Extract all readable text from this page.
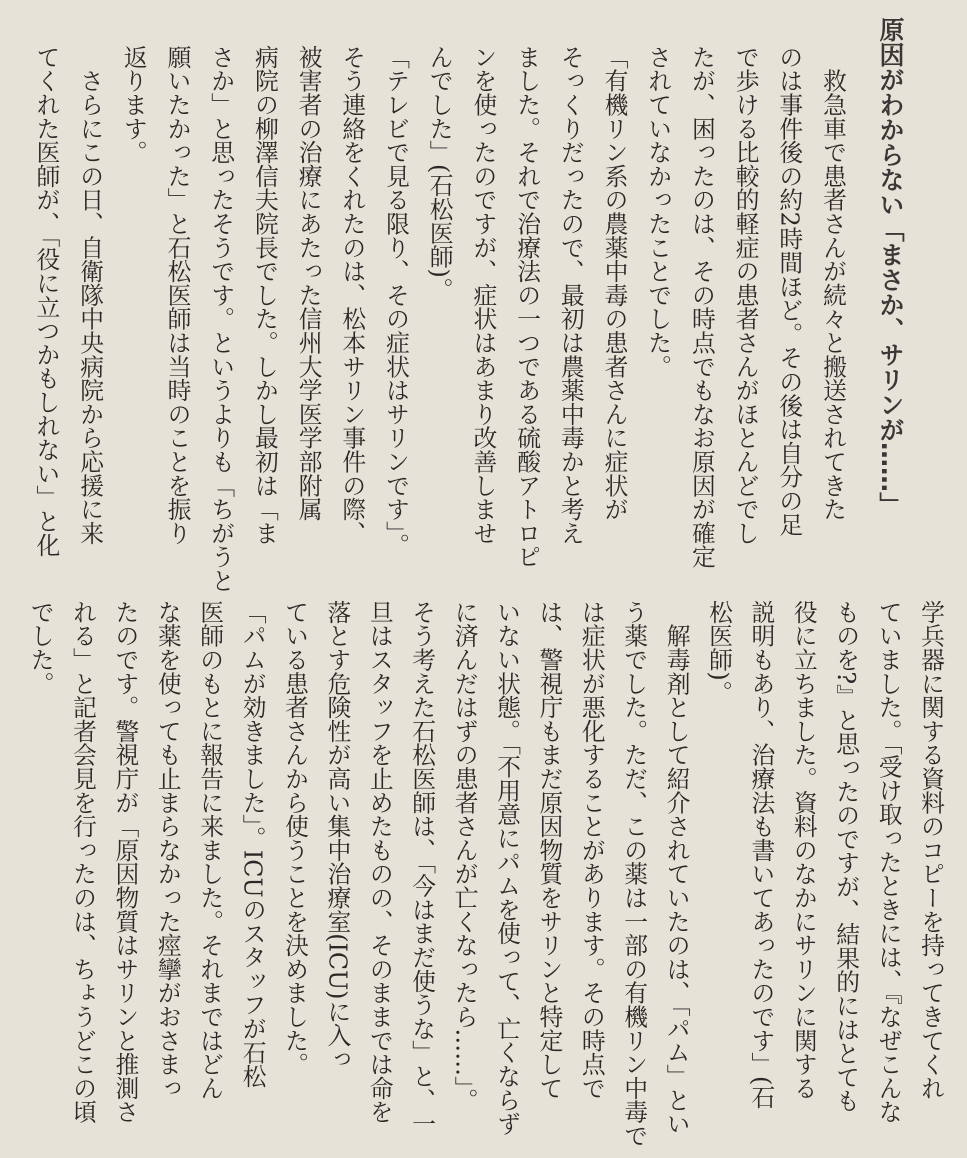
原因がわからない「まさか、サリンが……」
　救急車で患者さんが続々と搬送されてきた
のは事件後の約2時間ほど。その後は自分の足
で歩ける比較的軽症の患者さんがほとんどでし
たが、困ったのは、その時点でもなお原因が確定
されていなかったことでした。
「有機リン系の農薬中毒の患者さんに症状が
そっくりだったので、最初は農薬中毒かと考え
ました。それで治療法の一つである硫酸アトロピ
ンを使ったのですが、症状はあまり改善しませ
んでした」(石松医師)。
「テレビで見る限り、その症状はサリンです」。
そう連絡をくれたのは、松本サリン事件の際、
被害者の治療にあたった信州大学医学部附属
病院の柳澤信夫院長でした。しかし最初は「ま
さか」と思ったそうです。というよりも「ちがうと
願いたかった」と石松医師は当時のことを振り
返ります。
　さらにこの日、自衛隊中央病院から応援に来
てくれた医師が、「役に立つかもしれない」と化
学兵器に関する資料のコピーを持ってきてくれ
ていました。「受け取ったときには、『なぜこんな
ものを?』と思ったのですが、結果的にはとても
役に立ちました。資料のなかにサリンに関する
説明もあり、治療法も書いてあったのです」(石
松医師)。
　解毒剤として紹介されていたのは、「パム」とい
う薬でした。ただ、この薬は一部の有機リン中毒で
は症状が悪化することがあります。その時点で
は、警視庁もまだ原因物質をサリンと特定して
いない状態。「不用意にパムを使って、亡くならず
に済んだはずの患者さんが亡くなったら……」。
そう考えた石松医師は、「今はまだ使うな」と、一
旦はスタッフを止めたものの、そのままでは命を
落とす危険性が高い集中治療室(ICU)に入っ
ている患者さんから使うことを決めました。
「パムが効きました」。ICUのスタッフが石松
医師のもとに報告に来ました。それまではどん
な薬を使っても止まらなかった痙攣がおさまっ
たのです。警視庁が「原因物質はサリンと推測さ
れる」と記者会見を行ったのは、ちょうどこの頃
でした。
